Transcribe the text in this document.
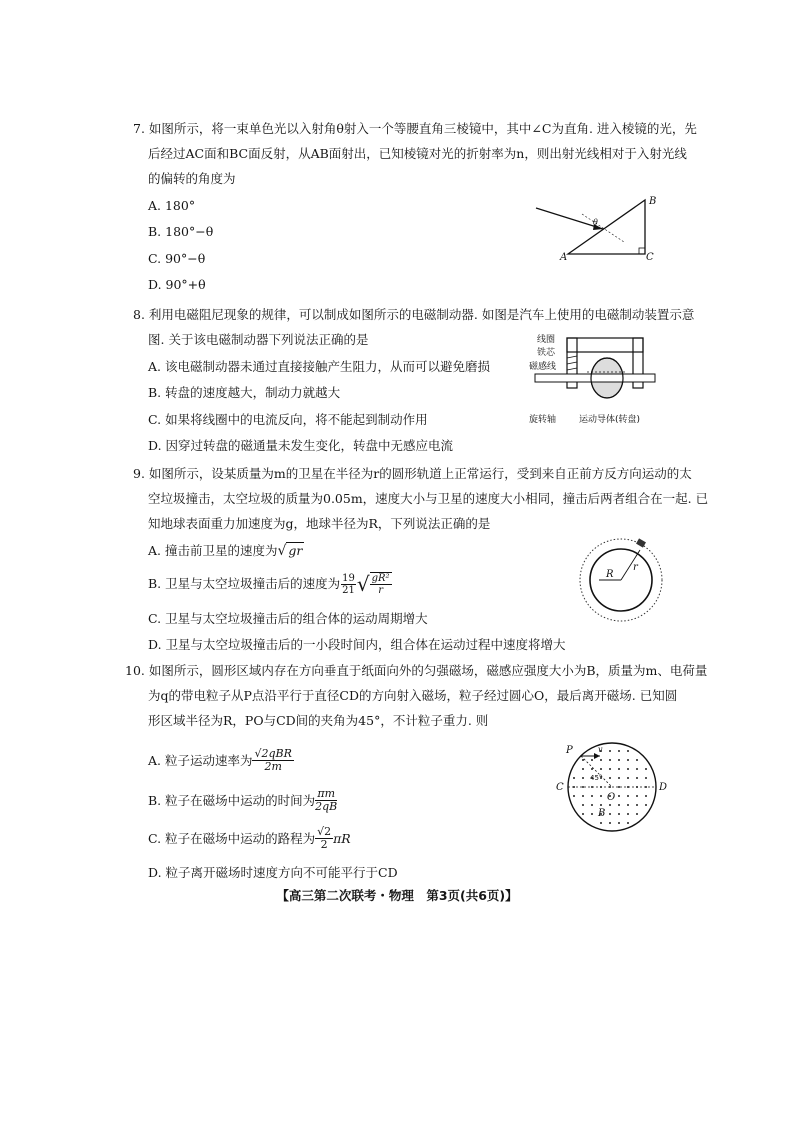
7. 如图所示，将一束单色光以入射角θ射入一个等腰直角三棱镜中，其中∠C为直角. 进入棱镜的光，先
后经过AC面和BC面反射，从AB面射出，已知棱镜对光的折射率为n，则出射光线相对于入射光线
的偏转的角度为
A. 180°
B. 180°−θ
C. 90°−θ
D. 90°+θ
B
A	C
θ
8. 利用电磁阻尼现象的规律，可以制成如图所示的电磁制动器. 如图是汽车上使用的电磁制动装置示意
图. 关于该电磁制动器下列说法正确的是
A. 该电磁制动器未通过直接接触产生阻力，从而可以避免磨损
B. 转盘的速度越大，制动力就越大
C. 如果将线圈中的电流反向，将不能起到制动作用
D. 因穿过转盘的磁通量未发生变化，转盘中无感应电流
线圈
铁芯
磁感线
旋转轴	运动导体(转盘)
9. 如图所示，设某质量为m的卫星在半径为r的圆形轨道上正常运行，受到来自正前方反方向运动的太
空垃圾撞击，太空垃圾的质量为0.05m，速度大小与卫星的速度大小相同，撞击后两者组合在一起. 已
知地球表面重力加速度为g，地球半径为R，下列说法正确的是
A. 撞击前卫星的速度为√ gr
B. 卫星与太空垃圾撞击后的速度为 $\frac{19}{21}$ √ $\frac{\text{gR²}}{r}$
C. 卫星与太空垃圾撞击后的组合体的运动周期增大
D. 卫星与太空垃圾撞击后的一小段时间内，组合体在运动过程中速度将增大
R
r
10. 如图所示，圆形区域内存在方向垂直于纸面向外的匀强磁场，磁感应强度大小为B，质量为m、电荷量
为q的带电粒子从P点沿平行于直径CD的方向射入磁场，粒子经过圆心O，最后离开磁场. 已知圆
形区域半径为R，PO与CD间的夹角为45°，不计粒子重力. 则
A. 粒子运动速率为 √2qBR
2m
B. 粒子在磁场中运动的时间为 $\frac{\pi m}{2qB}$
C. 粒子在磁场中运动的路程为 $\frac{√2}{2}$ πR
D. 粒子离开磁场时速度方向不可能平行于CD
P	v
C	D
O
B
45°
【高三第二次联考・物理　第3页(共6页)】
